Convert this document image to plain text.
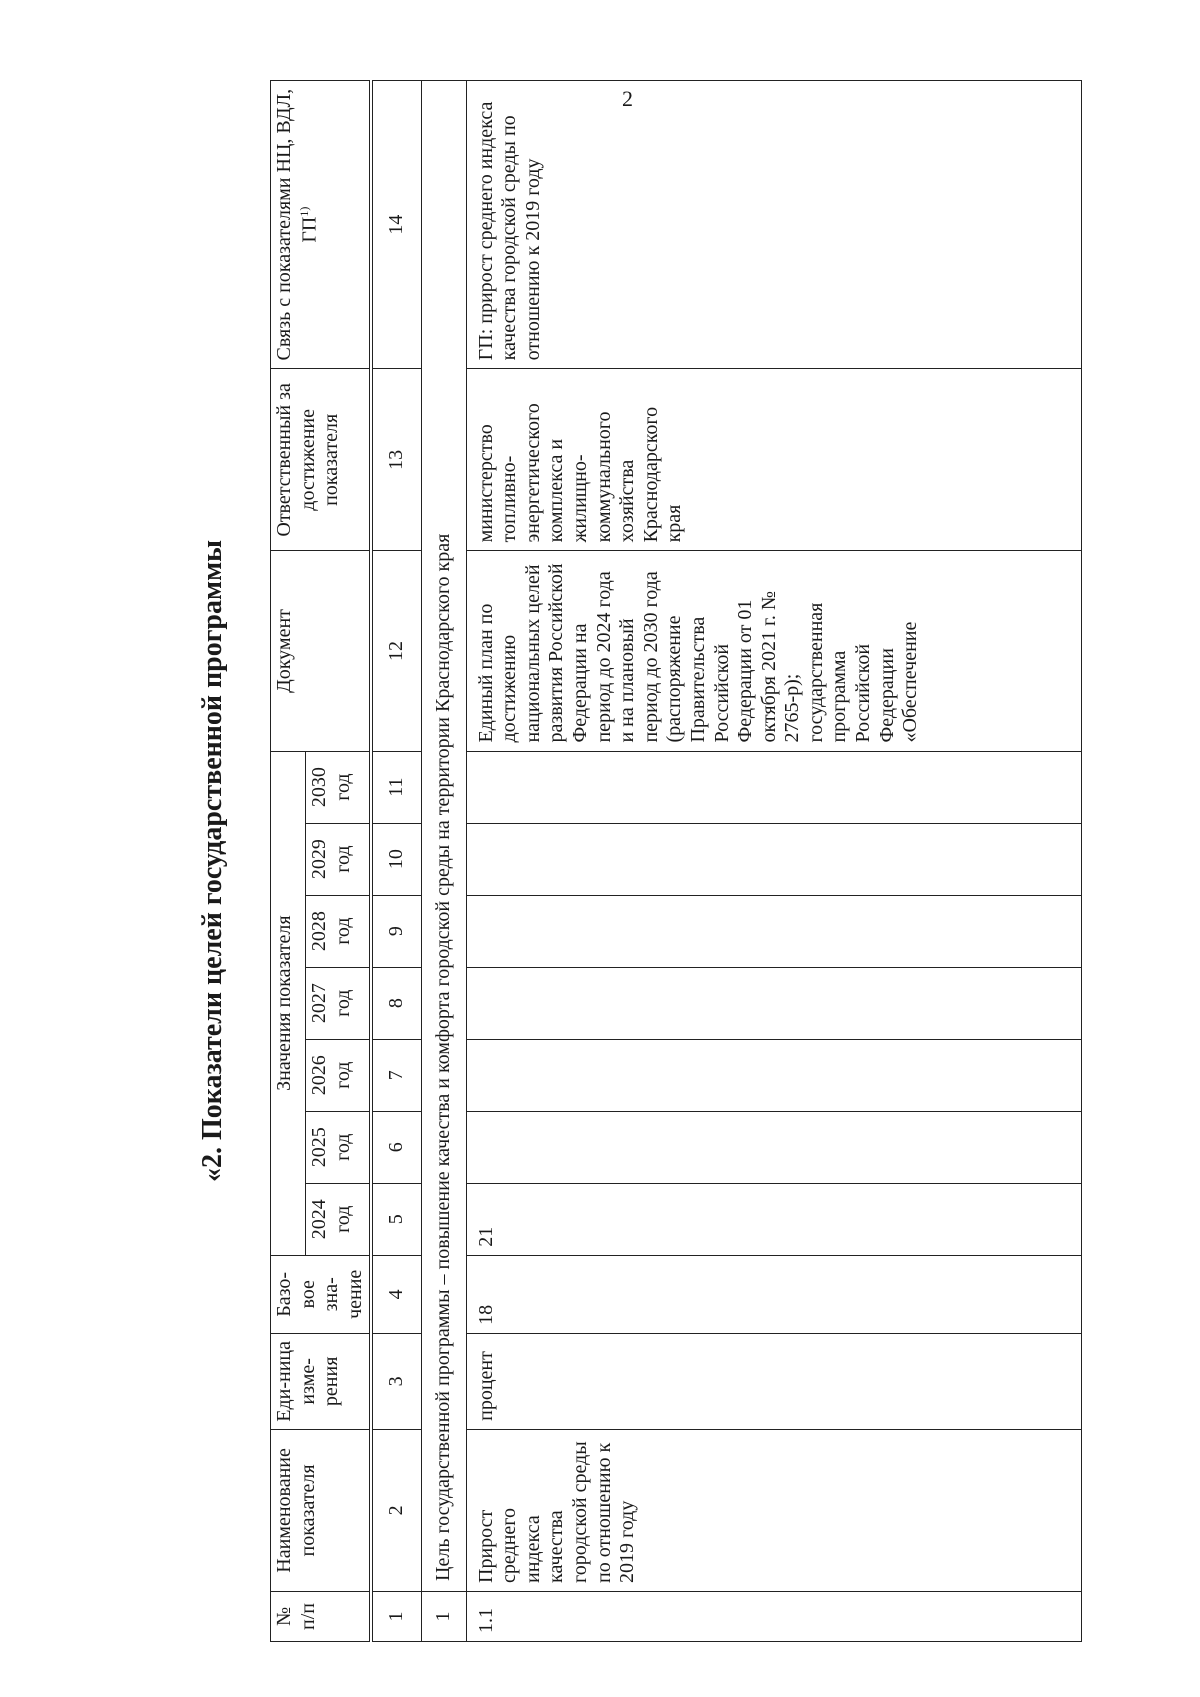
2
«2. Показатели целей государственной программы
№ п/п	Наименование показателя	Еди-ница изме-рения	Базо-вое зна-чение	Значения показателя							Документ	Ответственный за достижение показателя	Связь с показателями НЦ, ВДЛ, ГП$^{1)}$
				2024 год	2025 год	2026 год	2027 год	2028 год	2029 год	2030 год			
1	2	3	4	5	6	7	8	9	10	11	12	13	14
1	Цель государственной программы – повышение качества и комфорта городской среды на территории Краснодарского края												
1.1	Прирост среднего индекса качества городской среды по отношению к 2019 году	процент	18	21							Единый план по достижению национальных целей развития Российской Федерации на период до 2024 года и на плановый период до 2030 года (распоряжение Правительства Российской Федерации от 01 октября 2021 г. № 2765-р); государственная программа Российской Федерации «Обеспечение	министерство топливно-энергетического комплекса и жилищно-коммунального хозяйства Краснодарского края	ГП: прирост среднего индекса качества городской среды по отношению к 2019 году
